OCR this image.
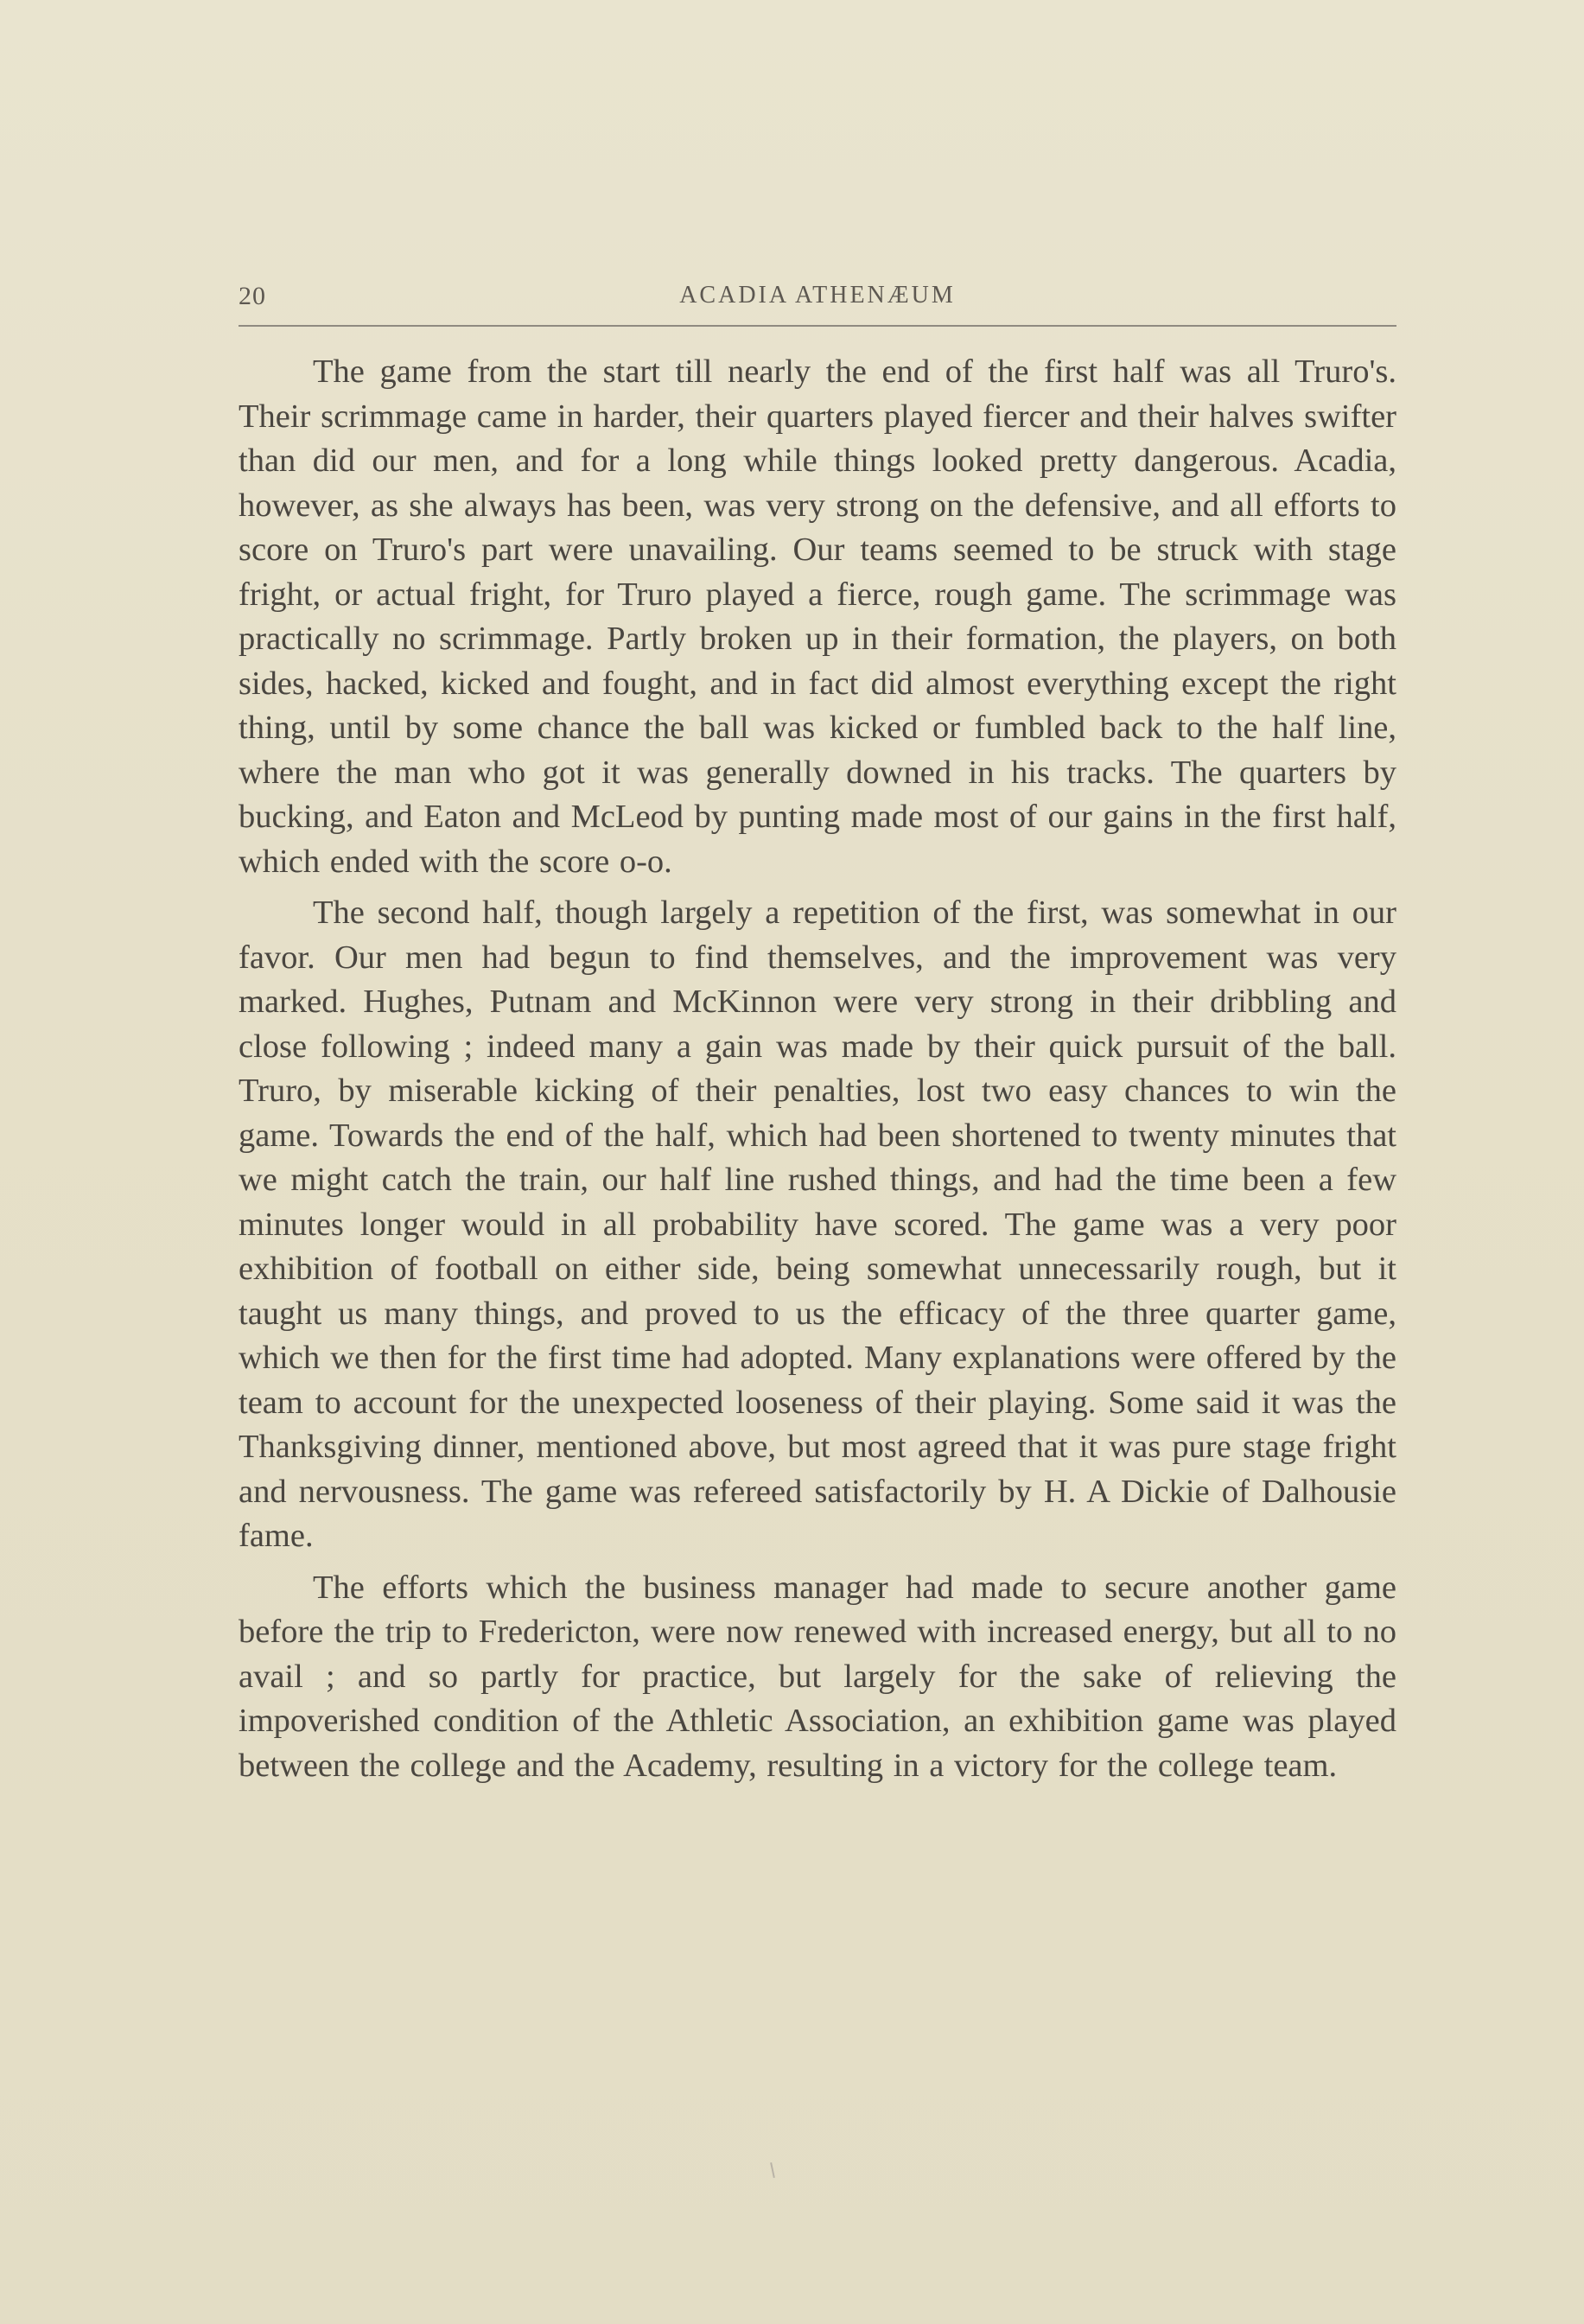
20	ACADIA ATHENÆUM

The game from the start till nearly the end of the first half was all Truro's. Their scrimmage came in harder, their quarters played fiercer and their halves swifter than did our men, and for a long while things looked pretty dangerous. Acadia, however, as she always has been, was very strong on the defensive, and all efforts to score on Truro's part were unavailing. Our teams seemed to be struck with stage fright, or actual fright, for Truro played a fierce, rough game. The scrimmage was practically no scrimmage. Partly broken up in their formation, the players, on both sides, hacked, kicked and fought, and in fact did almost everything except the right thing, until by some chance the ball was kicked or fumbled back to the half line, where the man who got it was generally downed in his tracks. The quarters by bucking, and Eaton and McLeod by punting made most of our gains in the first half, which ended with the score o-o.

The second half, though largely a repetition of the first, was somewhat in our favor. Our men had begun to find themselves, and the improvement was very marked. Hughes, Putnam and McKinnon were very strong in their dribbling and close following ; indeed many a gain was made by their quick pursuit of the ball. Truro, by miserable kicking of their penalties, lost two easy chances to win the game. Towards the end of the half, which had been shortened to twenty minutes that we might catch the train, our half line rushed things, and had the time been a few minutes longer would in all probability have scored. The game was a very poor exhibition of football on either side, being somewhat unnecessarily rough, but it taught us many things, and proved to us the efficacy of the three quarter game, which we then for the first time had adopted. Many explanations were offered by the team to account for the unexpected looseness of their playing. Some said it was the Thanksgiving dinner, mentioned above, but most agreed that it was pure stage fright and nervousness. The game was refereed satisfactorily by H. A Dickie of Dalhousie fame.

The efforts which the business manager had made to secure another game before the trip to Fredericton, were now renewed with increased energy, but all to no avail ; and so partly for practice, but largely for the sake of relieving the impoverished condition of the Athletic Association, an exhibition game was played between the college and the Academy, resulting in a victory for the college team.
